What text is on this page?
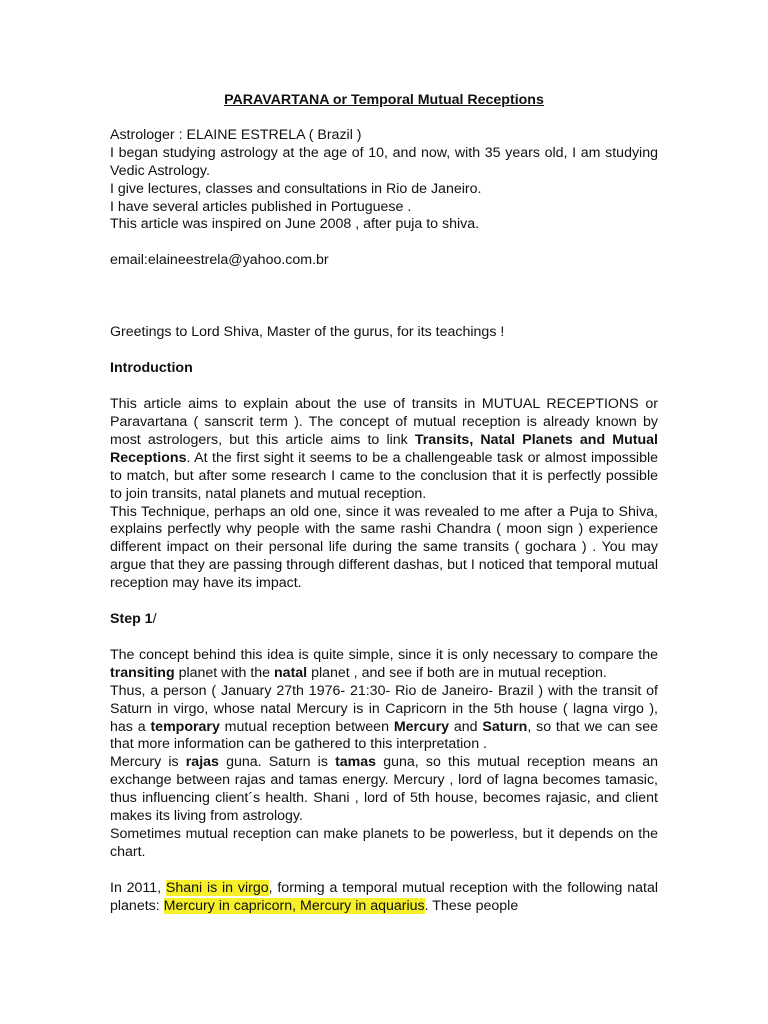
PARAVARTANA or Temporal Mutual Receptions

Astrologer : ELAINE ESTRELA ( Brazil )

I began studying astrology at the age of 10, and now, with 35 years old, I am studying Vedic Astrology.

I give lectures, classes and consultations in Rio de Janeiro.

I have several articles published in Portuguese .

This article was inspired on June 2008 , after puja to shiva.

email:elaineestrela@yahoo.com.br

Greetings to Lord Shiva, Master of the gurus, for its teachings !

Introduction

This article aims to explain about the use of transits in MUTUAL RECEPTIONS or Paravartana ( sanscrit term ). The concept of mutual reception is already known by most astrologers, but this article aims to link Transits, Natal Planets and Mutual Receptions. At the first sight it seems to be a challengeable task or almost impossible to match, but after some research I came to the conclusion that it is perfectly possible to join transits, natal planets and mutual reception.

This Technique, perhaps an old one, since it was revealed to me after a Puja to Shiva, explains perfectly why people with the same rashi Chandra ( moon sign ) experience different impact on their personal life during the same transits ( gochara ) . You may argue that they are passing through different dashas, but I noticed that temporal mutual reception may have its impact.

Step 1/

The concept behind this idea is quite simple, since it is only necessary to compare the transiting planet with the natal planet , and see if both are in mutual reception.

Thus, a person ( January 27th 1976- 21:30- Rio de Janeiro- Brazil ) with the transit of Saturn in virgo, whose natal Mercury is in Capricorn in the 5th house ( lagna virgo ), has a temporary mutual reception between Mercury and Saturn, so that we can see that more information can be gathered to this interpretation .

Mercury is rajas guna. Saturn is tamas guna, so this mutual reception means an exchange between rajas and tamas energy. Mercury , lord of lagna becomes tamasic, thus influencing client´s health. Shani , lord of 5th house, becomes rajasic, and client makes its living from astrology.

Sometimes mutual reception can make planets to be powerless, but it depends on the chart.

In 2011, Shani is in virgo, forming a temporal mutual reception with the following natal planets: Mercury in capricorn, Mercury in aquarius. These people
